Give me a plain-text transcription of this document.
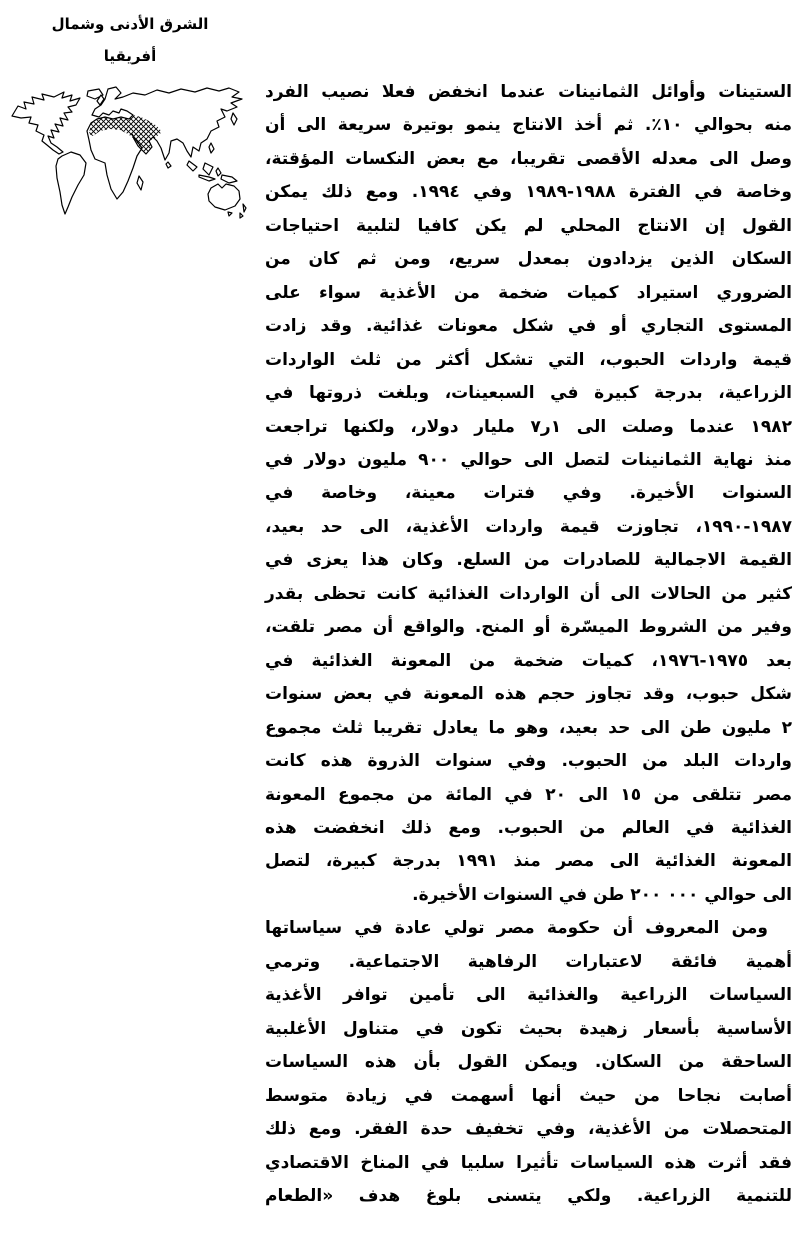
الشرق الأدنى وشمال
أفريقيا

الستينات وأوائل الثمانينات عندما انخفض فعلا نصيب الفرد
منه بحوالي ١٠٪. ثم أخذ الانتاج ينمو بوتيرة سريعة الى أن
وصل الى معدله الأقصى تقريبا، مع بعض النكسات المؤقتة،
وخاصة في الفترة ١٩٨٨-١٩٨٩ وفي ١٩٩٤. ومع ذلك يمكن
القول إن الانتاج المحلي لم يكن كافيا لتلبية احتياجات
السكان الذين يزدادون بمعدل سريع، ومن ثم كان من
الضروري استيراد كميات ضخمة من الأغذية سواء على
المستوى التجاري أو في شكل معونات غذائية. وقد زادت
قيمة واردات الحبوب، التي تشكل أكثر من ثلث الواردات
الزراعية، بدرجة كبيرة في السبعينات، وبلغت ذروتها في
١٩٨٢ عندما وصلت الى ١ر٧ مليار دولار، ولكنها تراجعت
منذ نهاية الثمانينات لتصل الى حوالي ٩٠٠ مليون دولار في
السنوات الأخيرة. وفي فترات معينة، وخاصة في
١٩٨٧-١٩٩٠، تجاوزت قيمة واردات الأغذية، الى حد بعيد،
القيمة الاجمالية للصادرات من السلع. وكان هذا يعزى في
كثير من الحالات الى أن الواردات الغذائية كانت تحظى بقدر
وفير من الشروط الميسّرة أو المنح. والواقع أن مصر تلقت،
بعد ١٩٧٥-١٩٧٦، كميات ضخمة من المعونة الغذائية في
شكل حبوب، وقد تجاوز حجم هذه المعونة في بعض سنوات
٢ مليون طن الى حد بعيد، وهو ما يعادل تقريبا ثلث مجموع
واردات البلد من الحبوب. وفي سنوات الذروة هذه كانت
مصر تتلقى من ١٥ الى ٢٠ في المائة من مجموع المعونة
الغذائية في العالم من الحبوب. ومع ذلك انخفضت هذه
المعونة الغذائية الى مصر منذ ١٩٩١ بدرجة كبيرة، لتصل
الى حوالي ٢٠٠ ٠٠٠ طن في السنوات الأخيرة.

ومن المعروف أن حكومة مصر تولي عادة في سياساتها
أهمية فائقة لاعتبارات الرفاهية الاجتماعية. وترمي
السياسات الزراعية والغذائية الى تأمين توافر الأغذية
الأساسية بأسعار زهيدة بحيث تكون في متناول الأغلبية
الساحقة من السكان. ويمكن القول بأن هذه السياسات
أصابت نجاحا من حيث أنها أسهمت في زيادة متوسط
المتحصلات من الأغذية، وفي تخفيف حدة الفقر. ومع ذلك
فقد أثرت هذه السياسات تأثيرا سلبيا في المناخ الاقتصادي
للتنمية الزراعية. ولكي يتسنى بلوغ هدف «الطعام
